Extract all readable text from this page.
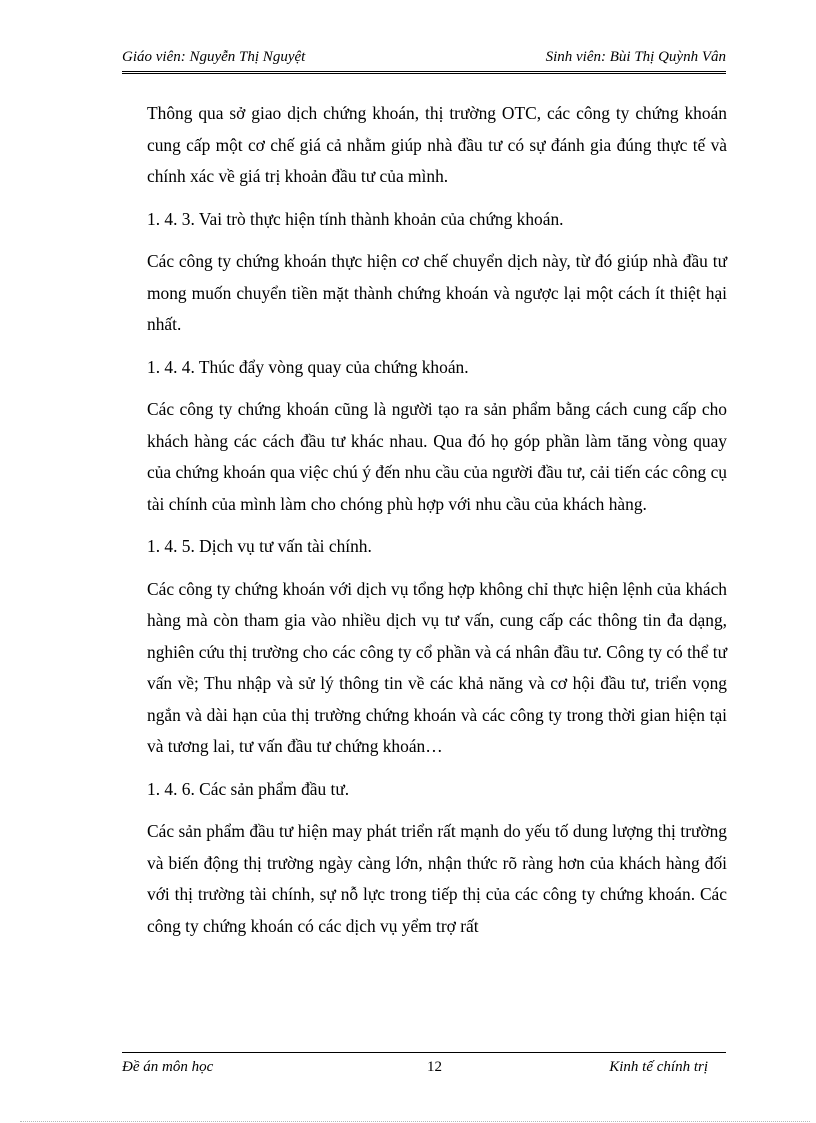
Giáo viên: Nguyễn Thị Nguyệt	Sinh viên: Bùi Thị Quỳnh Vân

Thông qua sở giao dịch chứng khoán, thị trường OTC, các công ty chứng khoán cung cấp một cơ chế giá cả nhằm giúp nhà đầu tư có sự đánh gia đúng thực tế và chính xác về giá trị khoản đầu tư của mình.

1. 4. 3. Vai trò thực hiện tính thành khoản của chứng khoán.

Các công ty chứng khoán thực hiện cơ chế chuyển dịch này, từ đó giúp nhà đầu tư mong muốn chuyển tiền mặt thành chứng khoán và ngược lại một cách ít thiệt hại nhất.

1. 4. 4. Thúc đẩy vòng quay của chứng khoán.

Các công ty chứng khoán cũng là người tạo ra sản phẩm bằng cách cung cấp cho khách hàng các cách đầu tư khác nhau. Qua đó họ góp phần làm tăng vòng quay của chứng khoán qua việc chú ý đến nhu cầu của người đầu tư, cải tiến các công cụ tài chính của mình làm cho chóng phù hợp với nhu cầu của khách hàng.

1. 4. 5. Dịch vụ tư vấn tài chính.

Các công ty chứng khoán với dịch vụ tổng hợp không chỉ thực hiện lệnh của khách hàng mà còn tham gia vào nhiều dịch vụ tư vấn, cung cấp các thông tin đa dạng, nghiên cứu thị trường cho các công ty cổ phần và cá nhân đầu tư. Công ty có thể tư vấn về; Thu nhập và sử lý thông tin về các khả năng và cơ hội đầu tư, triển vọng ngắn và dài hạn của thị trường chứng khoán và các công ty trong thời gian hiện tại và tương lai, tư vấn đầu tư chứng khoán…

1. 4. 6. Các sản phẩm đầu tư.

Các sản phẩm đầu tư hiện may phát triển rất mạnh do yếu tố dung lượng thị trường và biến động thị trường ngày càng lớn, nhận thức rõ ràng hơn của khách hàng đối với thị trường tài chính, sự nỗ lực trong tiếp thị của các công ty chứng khoán. Các công ty chứng khoán có các dịch vụ yểm trợ rất

Đề án môn học	12	Kinh tế chính trị
